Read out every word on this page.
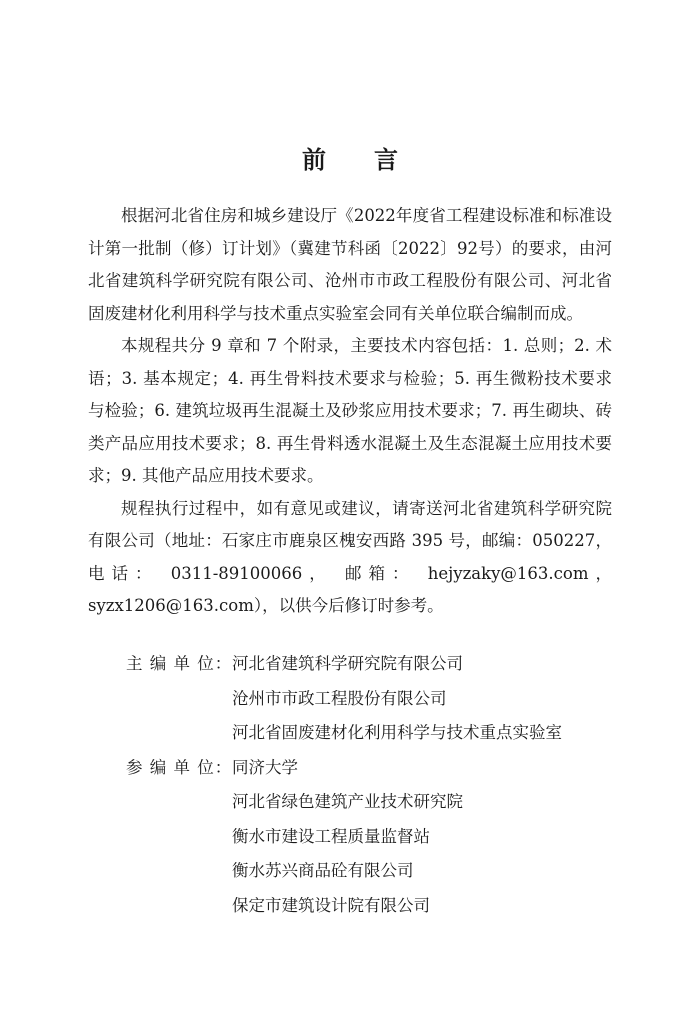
前 言

根据河北省住房和城乡建设厅《2022年度省工程建设标准和标准设计第一批制（修）订计划》（冀建节科函〔2022〕92号）的要求，由河北省建筑科学研究院有限公司、沧州市市政工程股份有限公司、河北省固废建材化利用科学与技术重点实验室会同有关单位联合编制而成。

本规程共分 9 章和 7 个附录，主要技术内容包括：1. 总则；2. 术语；3. 基本规定；4. 再生骨料技术要求与检验；5. 再生微粉技术要求与检验；6. 建筑垃圾再生混凝土及砂浆应用技术要求；7. 再生砌块、砖类产品应用技术要求；8. 再生骨料透水混凝土及生态混凝土应用技术要求；9. 其他产品应用技术要求。

规程执行过程中，如有意见或建议，请寄送河北省建筑科学研究院有限公司（地址：石家庄市鹿泉区槐安西路 395 号，邮编：050227， 电话： 0311-89100066， 邮箱： hejyzaky@163.com，syzx1206@163.com），以供今后修订时参考。

主 编 单 位： 河北省建筑科学研究院有限公司
沧州市市政工程股份有限公司
河北省固废建材化利用科学与技术重点实验室
参 编 单 位： 同济大学
河北省绿色建筑产业技术研究院
衡水市建设工程质量监督站
衡水苏兴商品砼有限公司
保定市建筑设计院有限公司
